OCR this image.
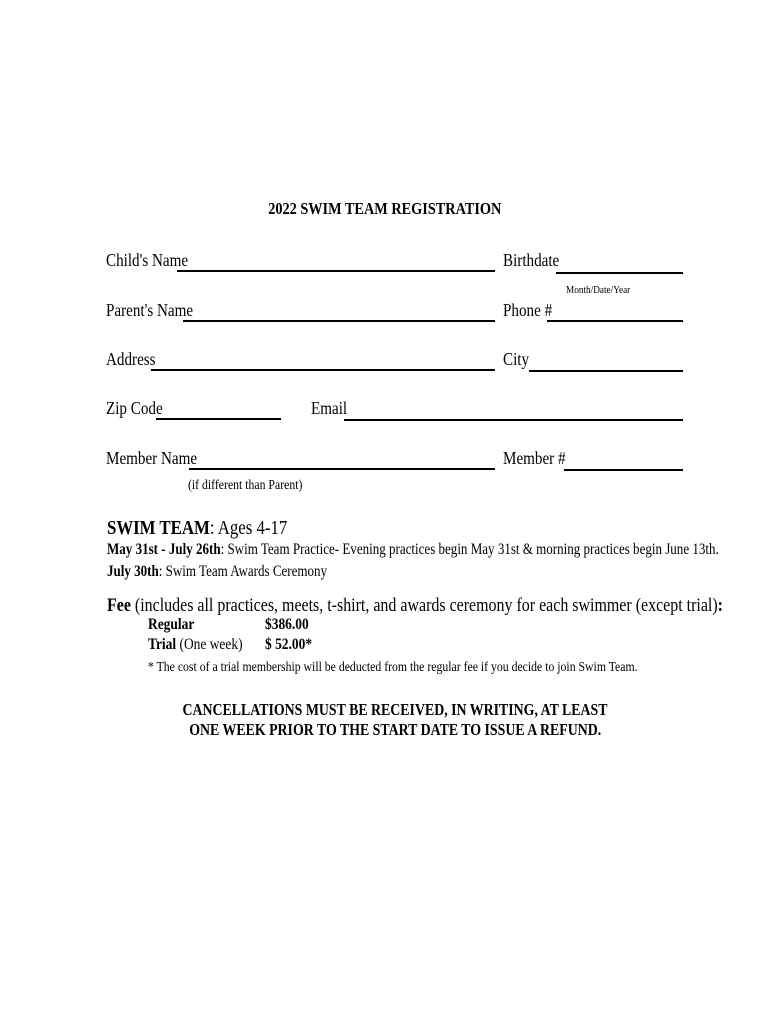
2022 SWIM TEAM REGISTRATION
Child's Name	Birthdate
Month/Date/Year
Parent's Name	Phone #
Address	City
Zip Code	Email
Member Name	Member #
(if different than Parent)
SWIM TEAM: Ages 4-17
May 31st - July 26th: Swim Team Practice- Evening practices begin May 31st & morning practices begin June 13th.
July 30th: Swim Team Awards Ceremony
Fee (includes all practices, meets, t-shirt, and awards ceremony for each swimmer (except trial):
Regular	$386.00
Trial (One week)	$ 52.00*
* The cost of a trial membership will be deducted from the regular fee if you decide to join Swim Team.
CANCELLATIONS MUST BE RECEIVED, IN WRITING, AT LEAST
ONE WEEK PRIOR TO THE START DATE TO ISSUE A REFUND.
